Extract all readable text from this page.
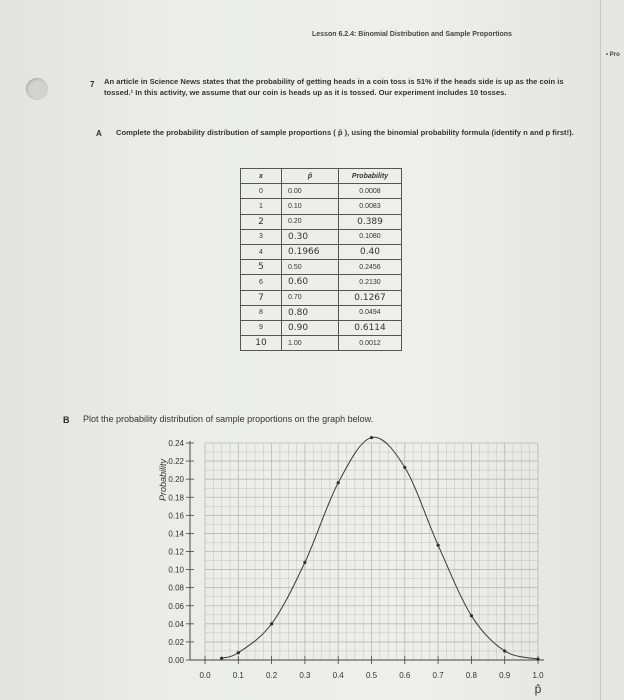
Lesson 6.2.4: Binomial Distribution and Sample Proportions
• Pro
7 An article in Science News states that the probability of getting heads in a coin toss is 51% if the heads side is up as the coin is tossed.¹ In this activity, we assume that our coin is heads up as it is tossed. Our experiment includes 10 tosses.
A Complete the probability distribution of sample proportions ( p̂ ), using the binomial probability formula (identify n and p first!).
x	p̂	Probability
0	0.00	0.0008
1	0.10	0.0083
2	0.20	0.389
3	0.30	0.1080
4	0.1966	0.40
5	0.50	0.2456
6	0.60	0.2130
7	0.70	0.1267
8	0.80	0.0494
9	0.90	0.6114
10	1.00	0.0012
B Plot the probability distribution of sample proportions on the graph below.
0.00
0.02
0.04
0.06
0.08
0.10
0.12
0.14
0.16
0.18
0.20
0.22
0.24
0.0	0.1	0.2	0.3	0.4	0.5	0.6	0.7	0.8	0.9	1.0
Probability
p̂
